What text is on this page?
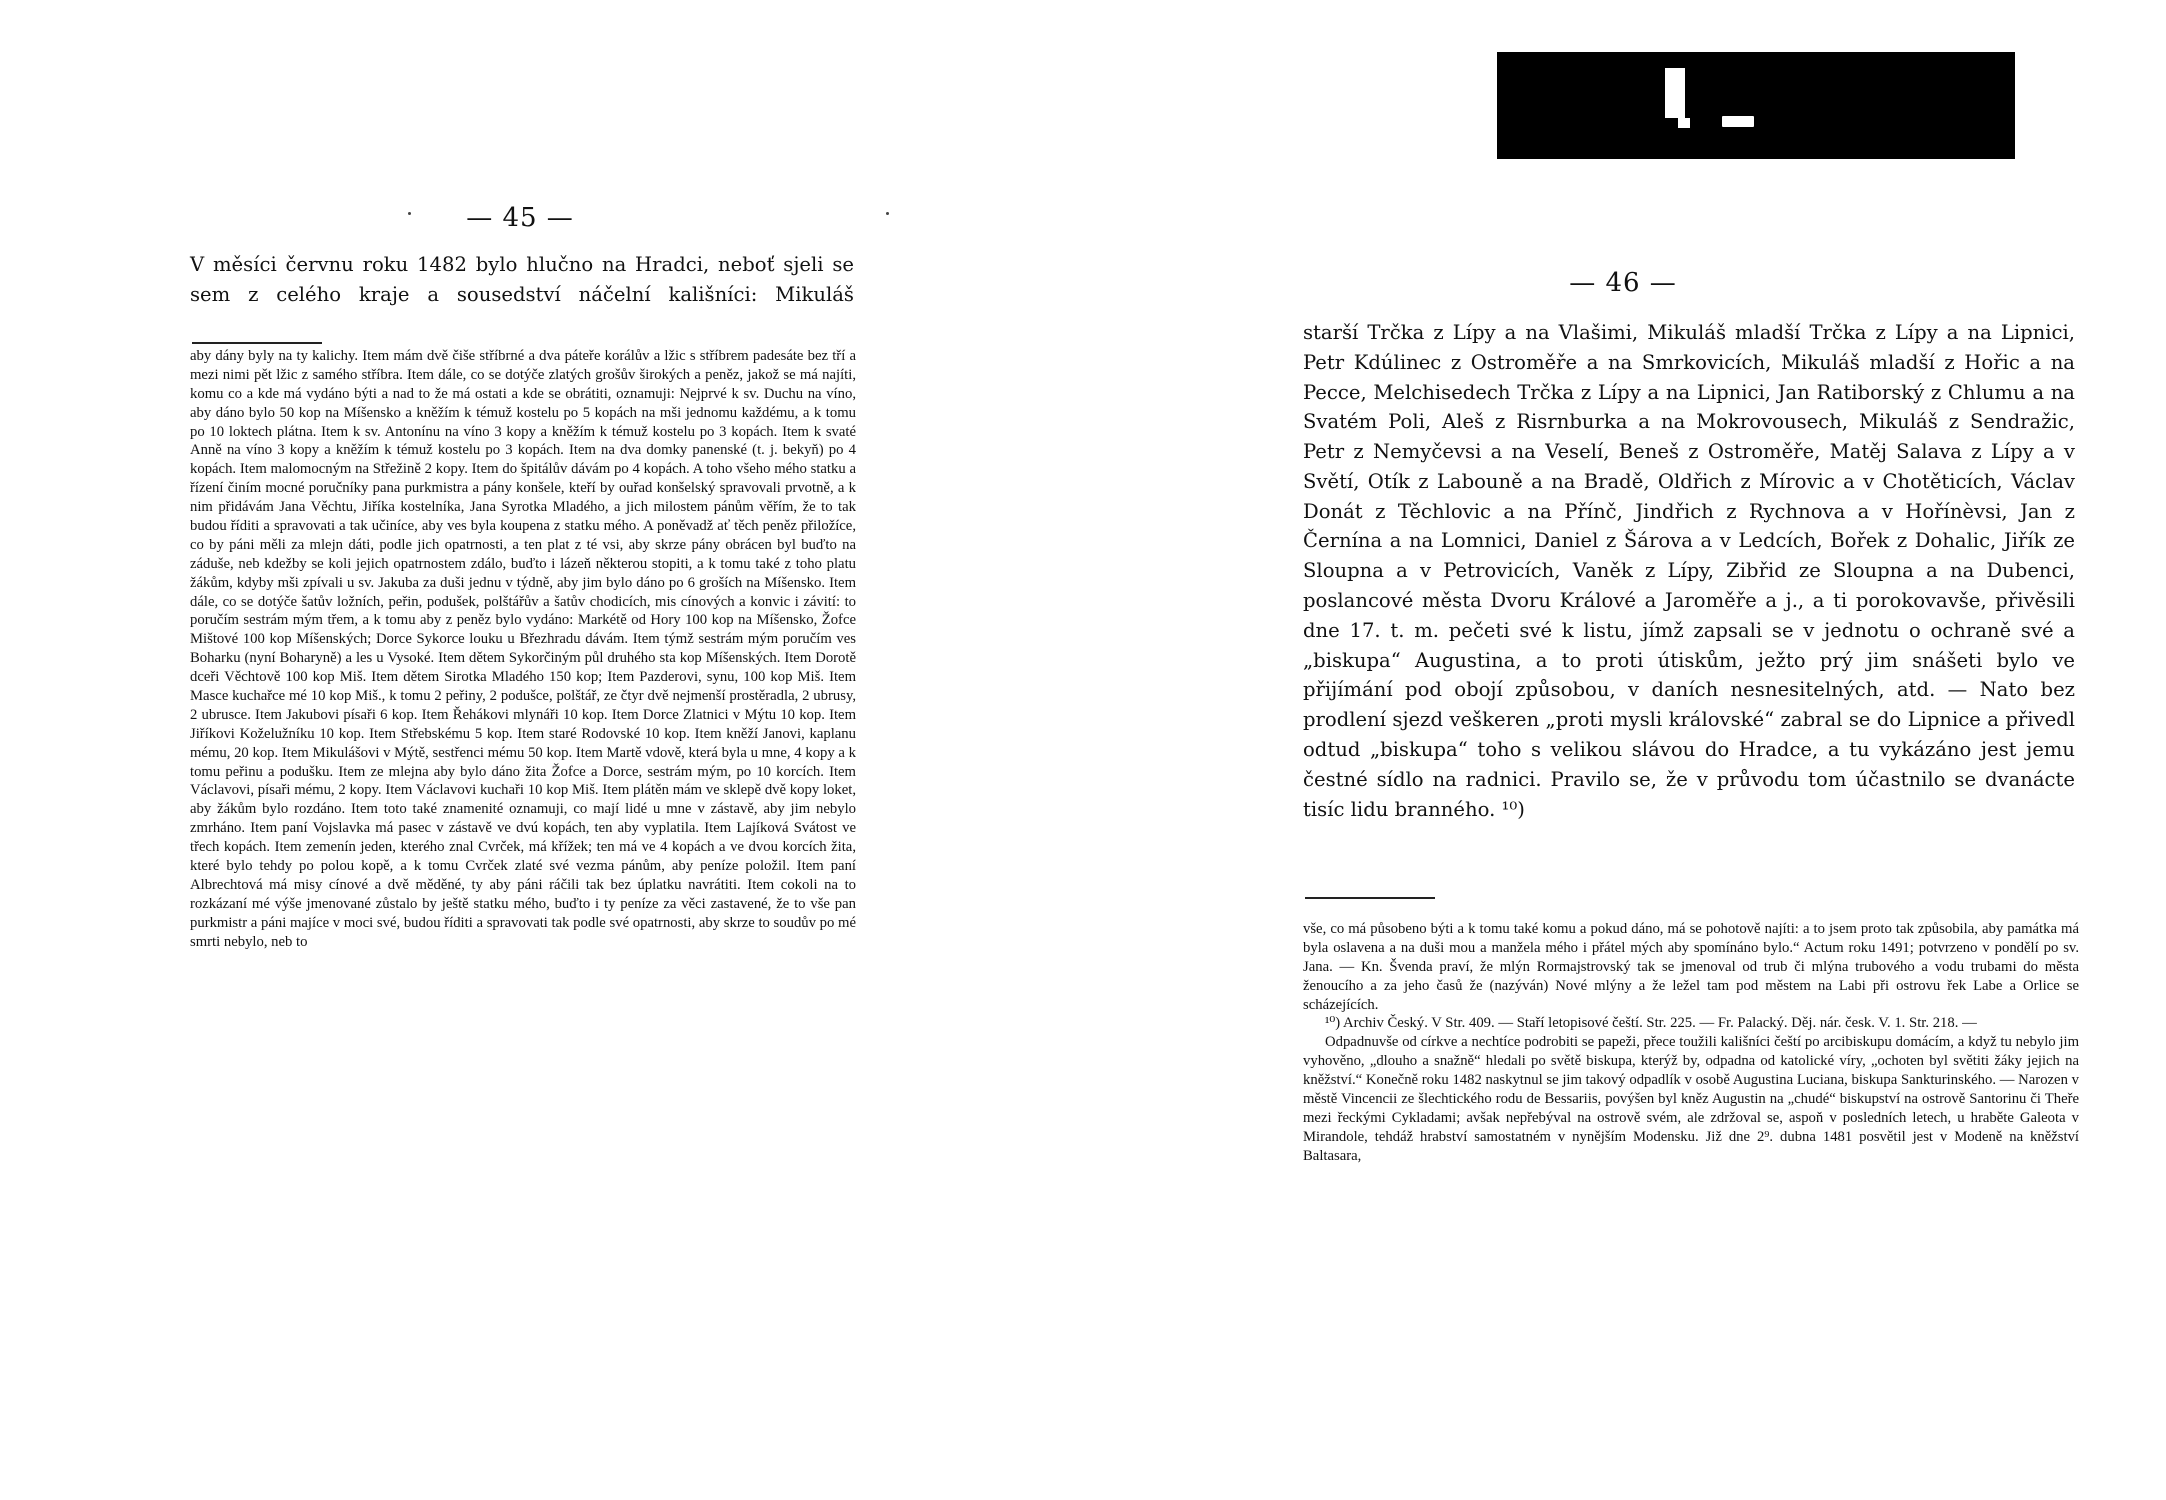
— 45 —

V měsíci červnu roku 1482 bylo hlučno na Hradci, neboť sjeli se sem z celého kraje a sousedství náčelní kališníci: Mikuláš

aby dány byly na ty kalichy. Item mám dvě čiše stříbrné a dva páteře korálův a lžic s stříbrem padesáte bez tří a mezi nimi pět lžic z samého stříbra. Item dále, co se dotýče zlatých grošův širokých a peněz, jakož se má najíti, komu co a kde má vydáno býti a nad to že má ostati a kde se obrátiti, oznamuji: Nejprvé k sv. Duchu na víno, aby dáno bylo 50 kop na Míšensko a kněžím k témuž kostelu po 5 kopách na mši jednomu každému, a k tomu po 10 loktech plátna. Item k sv. Antonínu na víno 3 kopy a kněžím k témuž kostelu po 3 kopách. Item k svaté Anně na víno 3 kopy a kněžím k témuž kostelu po 3 kopách. Item na dva domky panenské (t. j. bekyň) po 4 kopách. Item malomocným na Střežině 2 kopy. Item do špitálův dávám po 4 kopách. A toho všeho mého statku a řízení činím mocné poručníky pana purkmistra a pány konšele, kteří by ouřad konšelský spravovali prvotně, a k nim přidávám Jana Věchtu, Jiříka kostelníka, Jana Syrotka Mladého, a jich milostem pánům věřím, že to tak budou říditi a spravovati a tak učiníce, aby ves byla koupena z statku mého. A poněvadž ať těch peněz přiložíce, co by páni měli za mlejn dáti, podle jich opatrnosti, a ten plat z té vsi, aby skrze pány obrácen byl buďto na záduše, neb kdežby se koli jejich opatrnostem zdálo, buďto i lázeň některou stopiti, a k tomu také z toho platu žákům, kdyby mši zpívali u sv. Jakuba za duši jednu v týdně, aby jim bylo dáno po 6 groších na Míšensko. Item dále, co se dotýče šatův ložních, peřin, podušek, polštářův a šatův chodicích, mis cínových a konvic i závití: to poručím sestrám mým třem, a k tomu aby z peněz bylo vydáno: Markétě od Hory 100 kop na Míšensko, Žofce Mištové 100 kop Míšenských; Dorce Sykorce louku u Březhradu dávám. Item týmž sestrám mým poručím ves Boharku (nyní Boharyně) a les u Vysoké. Item dětem Sykorčiným půl druhého sta kop Míšenských. Item Dorotě dceři Věchtově 100 kop Miš. Item dětem Sirotka Mladého 150 kop; Item Pazderovi, synu, 100 kop Miš. Item Masce kuchařce mé 10 kop Miš., k tomu 2 peřiny, 2 podušce, polštář, ze čtyr dvě nejmenší prostěradla, 2 ubrusy, 2 ubrusce. Item Jakubovi písaři 6 kop. Item Řehákovi mlynáři 10 kop. Item Dorce Zlatnici v Mýtu 10 kop. Item Jiříkovi Koželužníku 10 kop. Item Střebskému 5 kop. Item staré Rodovské 10 kop. Item kněží Janovi, kaplanu mému, 20 kop. Item Mikulášovi v Mýtě, sestřenci mému 50 kop. Item Martě vdově, která byla u mne, 4 kopy a k tomu peřinu a podušku. Item ze mlejna aby bylo dáno žita Žofce a Dorce, sestrám mým, po 10 korcích. Item Václavovi, písaři mému, 2 kopy. Item Václavovi kuchaři 10 kop Miš. Item plátěn mám ve sklepě dvě kopy loket, aby žákům bylo rozdáno. Item toto také znamenité oznamuji, co mají lidé u mne v zástavě, aby jim nebylo zmrháno. Item paní Vojslavka má pasec v zástavě ve dvú kopách, ten aby vyplatila. Item Lajíková Svátost ve třech kopách. Item zemenín jeden, kterého znal Cvrček, má křížek; ten má ve 4 kopách a ve dvou korcích žita, které bylo tehdy po polou kopě, a k tomu Cvrček zlaté své vezma pánům, aby peníze položil. Item paní Albrechtová má misy cínové a dvě měděné, ty aby páni ráčili tak bez úplatku navrátiti. Item cokoli na to rozkázaní mé výše jmenované zůstalo by ještě statku mého, buďto i ty peníze za věci zastavené, že to vše pan purkmistr a páni majíce v moci své, budou říditi a spravovati tak podle své opatrnosti, aby skrze to soudův po mé smrti nebylo, neb to

— 46 —

starší Trčka z Lípy a na Vlašimi, Mikuláš mladší Trčka z Lípy a na Lipnici, Petr Kdúlinec z Ostroměře a na Smrkovicích, Mikuláš mladší z Hořic a na Pecce, Melchisedech Trčka z Lípy a na Lipnici, Jan Ratiborský z Chlumu a na Svatém Poli, Aleš z Risrnburka a na Mokrovousech, Mikuláš z Sendražic, Petr z Nemyčevsi a na Veselí, Beneš z Ostroměře, Matěj Salava z Lípy a v Světí, Otík z Labouně a na Bradě, Oldřich z Mírovic a v Chotěticích, Václav Donát z Těchlovic a na Přínč, Jindřich z Rychnova a v Hořínèvsi, Jan z Černína a na Lomnici, Daniel z Šárova a v Ledcích, Bořek z Dohalic, Jiřík ze Sloupna a v Petrovicích, Vaněk z Lípy, Zibřid ze Sloupna a na Dubenci, poslancové města Dvoru Králové a Jaroměře a j., a ti porokovavše, přivěsili dne 17. t. m. pečeti své k listu, jímž zapsali se v jednotu o ochraně své a „biskupa“ Augustina, a to proti útiskům, ježto prý jim snášeti bylo ve přijímání pod obojí způsobou, v daních nesnesitelných, atd. — Nato bez prodlení sjezd veškeren „proti mysli královské“ zabral se do Lipnice a přivedl odtud „biskupa“ toho s velikou slávou do Hradce, a tu vykázáno jest jemu čestné sídlo na radnici. Pravilo se, že v průvodu tom účastnilo se dvanácte tisíc lidu branného. ¹⁰)

vše, co má působeno býti a k tomu také komu a pokud dáno, má se pohotově najíti: a to jsem proto tak způsobila, aby památka má byla oslavena a na duši mou a manžela mého i přátel mých aby spomínáno bylo.“ Actum roku 1491; potvrzeno v pondělí po sv. Jana. — Kn. Švenda praví, že mlýn Rormajstrovský tak se jmenoval od trub či mlýna trubového a vodu trubami do města ženoucího a za jeho časů že (nazýván) Nové mlýny a že ležel tam pod městem na Labi při ostrovu řek Labe a Orlice se scházejících.

¹⁰) Archiv Český. V Str. 409. — Staří letopisové čeští. Str. 225. — Fr. Palacký. Děj. nár. česk. V. 1. Str. 218. —

Odpadnuvše od církve a nechtíce podrobiti se papeži, přece toužili kališníci čeští po arcibiskupu domácím, a když tu nebylo jim vyhověno, „dlouho a snažně“ hledali po světě biskupa, kterýž by, odpadna od katolické víry, „ochoten byl světiti žáky jejich na kněžství.“ Konečně roku 1482 naskytnul se jim takový odpadlík v osobě Augustina Luciana, biskupa Sankturinského. — Narozen v městě Vincencii ze šlechtického rodu de Bessariis, povýšen byl kněz Augustin na „chudé“ biskupství na ostrově Santorinu či Theře mezi řeckými Cykladami; avšak nepřebýval na ostrově svém, ale zdržoval se, aspoň v posledních letech, u hraběte Galeota v Mirandole, tehdáž hrabství samostatném v nynějším Modensku. Již dne 2⁹. dubna 1481 posvětil jest v Modeně na kněžství Baltasara,
